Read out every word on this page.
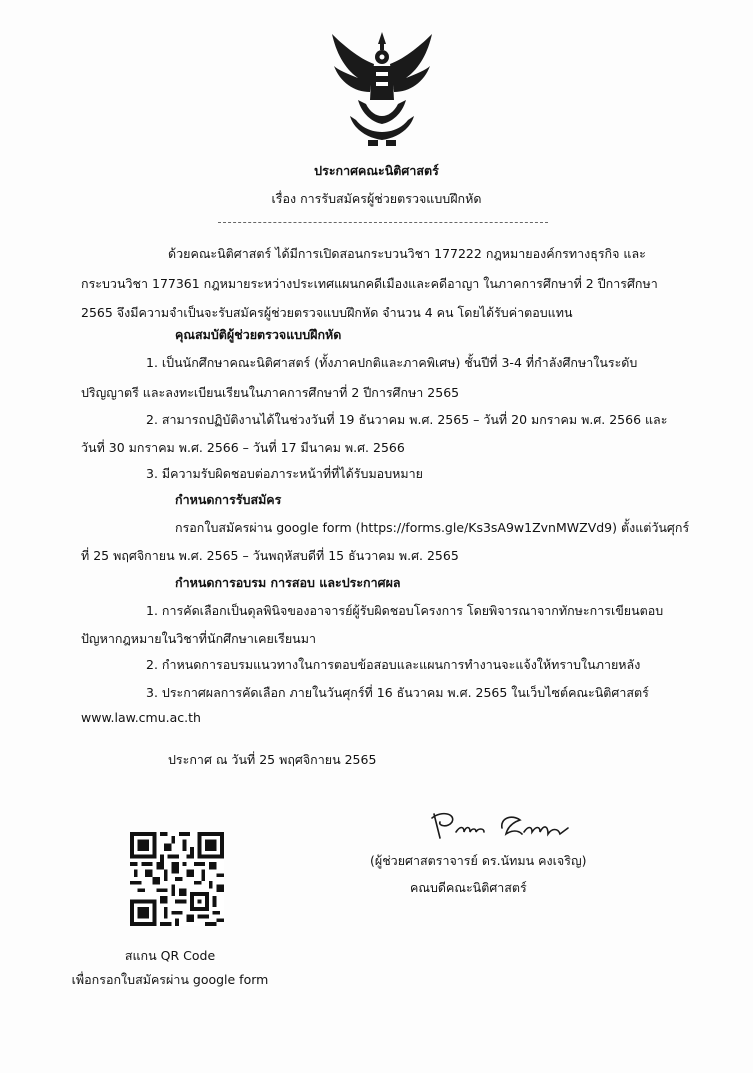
ประกาศคณะนิติศาสตร์

เรื่อง การรับสมัครผู้ช่วยตรวจแบบฝึกหัด

ด้วยคณะนิติศาสตร์ ได้มีการเปิดสอนกระบวนวิชา 177222 กฎหมายองค์กรทางธุรกิจ และ

กระบวนวิชา 177361 กฎหมายระหว่างประเทศแผนกคดีเมืองและคดีอาญา ในภาคการศึกษาที่ 2 ปีการศึกษา

2565 จึงมีความจำเป็นจะรับสมัครผู้ช่วยตรวจแบบฝึกหัด จำนวน 4 คน โดยได้รับค่าตอบแทน

คุณสมบัติผู้ช่วยตรวจแบบฝึกหัด

1. เป็นนักศึกษาคณะนิติศาสตร์ (ทั้งภาคปกติและภาคพิเศษ) ชั้นปีที่ 3-4 ที่กำลังศึกษาในระดับ

ปริญญาตรี และลงทะเบียนเรียนในภาคการศึกษาที่ 2 ปีการศึกษา 2565

2. สามารถปฏิบัติงานได้ในช่วงวันที่ 19 ธันวาคม พ.ศ. 2565 – วันที่ 20 มกราคม พ.ศ. 2566 และ

วันที่ 30 มกราคม พ.ศ. 2566 – วันที่ 17 มีนาคม พ.ศ. 2566

3. มีความรับผิดชอบต่อภาระหน้าที่ที่ได้รับมอบหมาย

กำหนดการรับสมัคร

กรอกใบสมัครผ่าน google form (https://forms.gle/Ks3sA9w1ZvnMWZVd9) ตั้งแต่วันศุกร์

ที่ 25 พฤศจิกายน พ.ศ. 2565 – วันพฤหัสบดีที่ 15 ธันวาคม พ.ศ. 2565

กำหนดการอบรม การสอบ และประกาศผล

1. การคัดเลือกเป็นดุลพินิจของอาจารย์ผู้รับผิดชอบโครงการ โดยพิจารณาจากทักษะการเขียนตอบ

ปัญหากฎหมายในวิชาที่นักศึกษาเคยเรียนมา

2. กำหนดการอบรมแนวทางในการตอบข้อสอบและแผนการทำงานจะแจ้งให้ทราบในภายหลัง

3. ประกาศผลการคัดเลือก ภายในวันศุกร์ที่ 16 ธันวาคม พ.ศ. 2565 ในเว็บไซต์คณะนิติศาสตร์

www.law.cmu.ac.th

ประกาศ ณ วันที่ 25 พฤศจิกายน 2565

(ผู้ช่วยศาสตราจารย์ ดร.นัทมน คงเจริญ)

คณบดีคณะนิติศาสตร์

สแกน QR Code

เพื่อกรอกใบสมัครผ่าน google form
